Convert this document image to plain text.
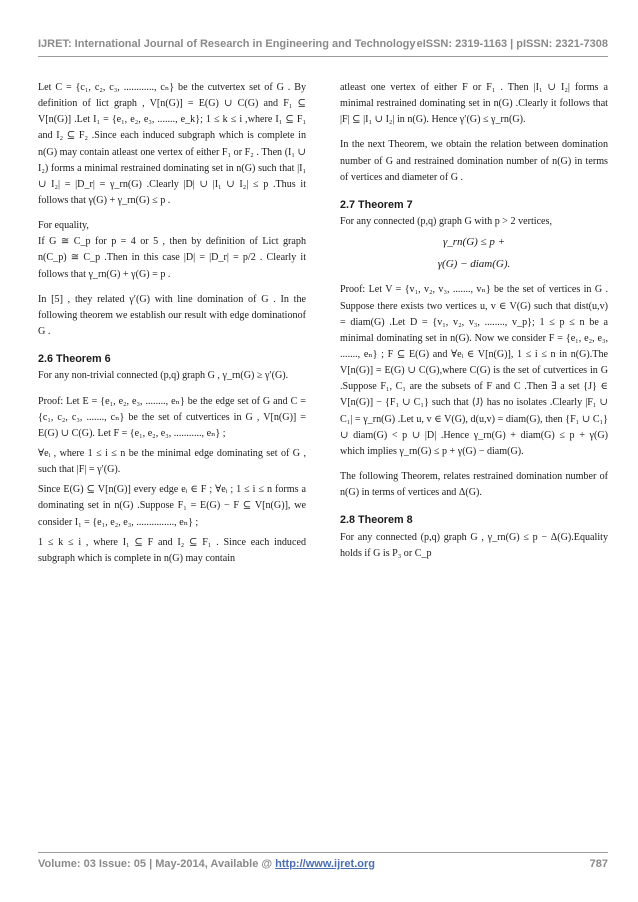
IJRET: International Journal of Research in Engineering and Technology eISSN: 2319-1163 | pISSN: 2321-7308

Let C = {c₁, c₂, c₃, ............, cₙ} be the cutvertex set of G . By definition of lict graph , V[n(G)] = E(G) ∪ C(G) and F₁ ⊆ V[n(G)] .Let I₁ = {e₁, e₂, e₃, ......., e_k}; 1 ≤ k ≤ i ,where I₁ ⊆ F₁ and I₂ ⊆ F₂ .Since each induced subgraph which is complete in n(G) may contain atleast one vertex of either F₁ or F₂ . Then (I₁ ∪ I₂) forms a minimal restrained dominating set in n(G) such that |I₁ ∪ I₂| = |D_r| = γ_rn(G) .Clearly |D| ∪ |I₁ ∪ I₂| ≤ p .Thus it follows that γ(G) + γ_rn(G) ≤ p .

For equality,

If G ≅ C_p for p = 4 or 5 , then by definition of Lict graph n(C_p) ≅ C_p .Then in this case |D| = |D_r| = p/2 . Clearly it follows that γ_rn(G) + γ(G) = p .

In [5] , they related γ′(G) with line domination of G . In the following theorem we establish our result with edge dominationof G .

2.6 Theorem 6

For any non-trivial connected (p,q) graph G , γ_rn(G) ≥ γ′(G).

Proof: Let E = {e₁, e₂, e₃, ........, eₙ} be the edge set of G and C = {c₁, c₂, c₃, ......., cₙ} be the set of cutvertices in G , V[n(G)] = E(G) ∪ C(G). Let F = {e₁, e₂, e₃, ..........., eₙ} ;

∀eᵢ , where 1 ≤ i ≤ n be the minimal edge dominating set of G , such that |F| = γ′(G).

Since E(G) ⊆ V[n(G)] every edge eᵢ ∈ F ; ∀eᵢ ; 1 ≤ i ≤ n forms a dominating set in n(G) .Suppose F₁ = E(G) − F ⊆ V[n(G)], we consider I₁ = {e₁, e₂, e₃, ..............., eₙ} ;

1 ≤ k ≤ i , where I₁ ⊆ F and I₂ ⊆ F₁ . Since each induced subgraph which is complete in n(G) may contain

atleast one vertex of either F or F₁ . Then |I₁ ∪ I₂| forms a minimal restrained dominating set in n(G) .Clearly it follows that |F| ⊆ |I₁ ∪ I₂| in n(G). Hence γ′(G) ≤ γ_rn(G).

In the next Theorem, we obtain the relation between domination number of G and restrained domination number of n(G) in terms of vertices and diameter of G .

2.7 Theorem 7

For any connected (p,q) graph G with p > 2 vertices,

γ_rn(G) ≤ p +

γ(G) − diam(G).

Proof: Let V = {v₁, v₂, v₃, ......., vₙ} be the set of vertices in G . Suppose there exists two vertices u, v ∈ V(G) such that dist(u,v) = diam(G) .Let D = {v₁, v₂, v₃, ........, v_p}; 1 ≤ p ≤ n be a minimal dominating set in n(G). Now we consider F = {e₁, e₂, e₃, ......., eₙ} ; F ⊆ E(G) and ∀eᵢ ∈ V[n(G)], 1 ≤ i ≤ n in n(G).The V[n(G)] = E(G) ∪ C(G),where C(G) is the set of cutvertices in G .Suppose F₁, C₁ are the subsets of F and C .Then ∃ a set {J} ∈ V[n(G)] − {F₁ ∪ C₁} such that ⟨J⟩ has no isolates .Clearly |F₁ ∪ C₁| = γ_rn(G) .Let u, v ∈ V(G), d(u,v) = diam(G), then {F₁ ∪ C₁} ∪ diam(G) < p ∪ |D| .Hence γ_rn(G) + diam(G) ≤ p + γ(G) which implies γ_rn(G) ≤ p + γ(G) − diam(G).

The following Theorem, relates restrained domination number of n(G) in terms of vertices and Δ(G).

2.8 Theorem 8

For any connected (p,q) graph G , γ_rn(G) ≤ p − Δ(G).Equality holds if G is P₃ or C_p

Volume: 03 Issue: 05 | May-2014, Available @ http://www.ijret.org	787
